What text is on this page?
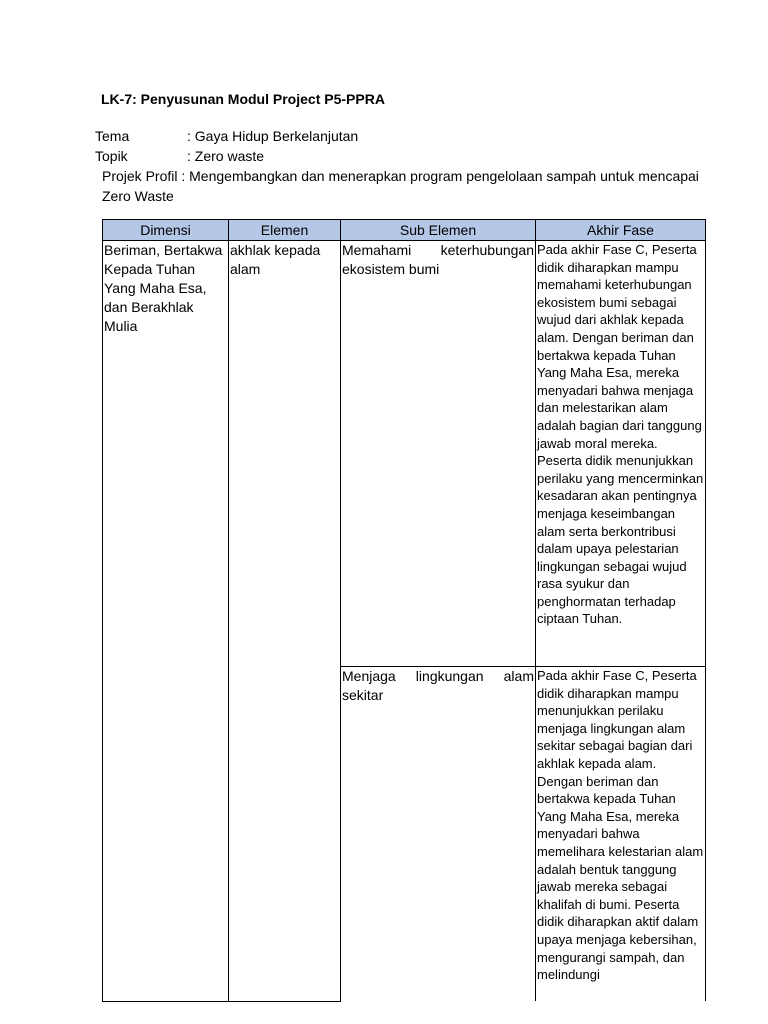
LK-7: Penyusunan Modul Project P5-PPRA
Tema	: Gaya Hidup Berkelanjutan
Topik	: Zero waste
Projek Profil : Mengembangkan dan menerapkan program pengelolaan sampah untuk mencapai Zero Waste
Dimensi	Elemen	Sub Elemen	Akhir Fase
Beriman, Bertakwa Kepada Tuhan Yang Maha Esa, dan Berakhlak Mulia	akhlak kepada alam	Memahami keterhubungan ekosistem bumi	Pada akhir Fase C, Peserta didik diharapkan mampu memahami keterhubungan ekosistem bumi sebagai wujud dari akhlak kepada alam. Dengan beriman dan bertakwa kepada Tuhan Yang Maha Esa, mereka menyadari bahwa menjaga dan melestarikan alam adalah bagian dari tanggung jawab moral mereka. Peserta didik menunjukkan perilaku yang mencerminkan kesadaran akan pentingnya menjaga keseimbangan alam serta berkontribusi dalam upaya pelestarian lingkungan sebagai wujud rasa syukur dan penghormatan terhadap ciptaan Tuhan.
		Menjaga lingkungan alam sekitar	Pada akhir Fase C, Peserta didik diharapkan mampu menunjukkan perilaku menjaga lingkungan alam sekitar sebagai bagian dari akhlak kepada alam. Dengan beriman dan bertakwa kepada Tuhan Yang Maha Esa, mereka menyadari bahwa memelihara kelestarian alam adalah bentuk tanggung jawab mereka sebagai khalifah di bumi. Peserta didik diharapkan aktif dalam upaya menjaga kebersihan, mengurangi sampah, dan melindungi
